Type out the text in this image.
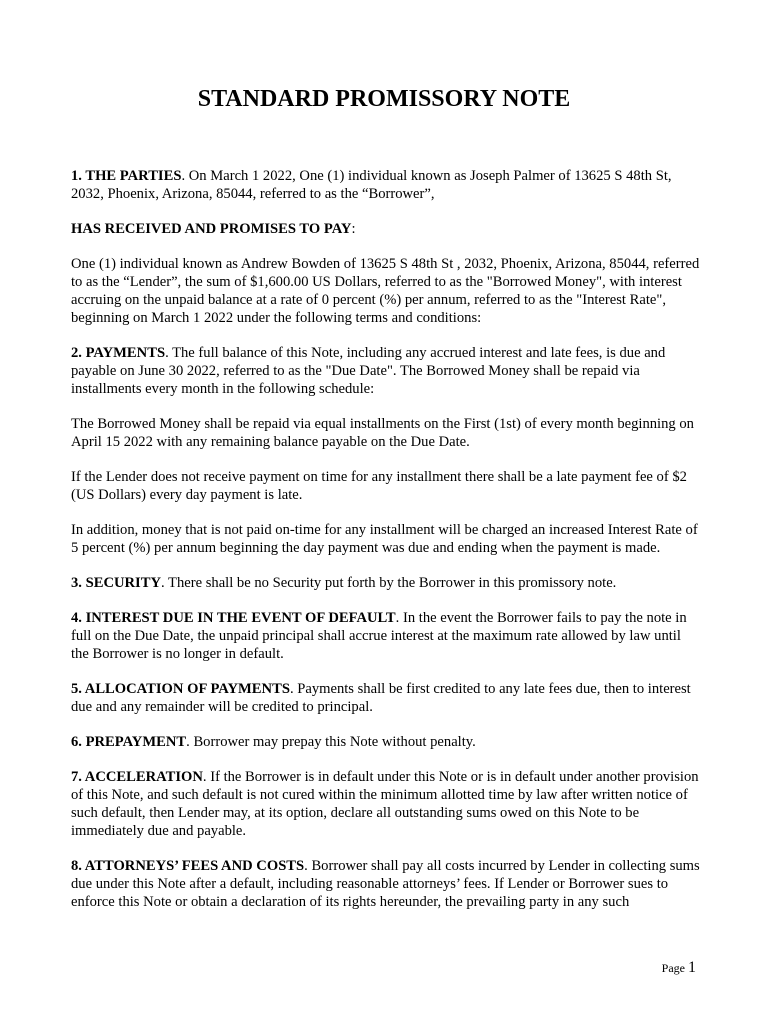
STANDARD PROMISSORY NOTE

1. THE PARTIES. On March 1 2022, One (1) individual known as Joseph Palmer of 13625 S 48th St, 2032, Phoenix, Arizona, 85044, referred to as the “Borrower”,

HAS RECEIVED AND PROMISES TO PAY:

One (1) individual known as Andrew Bowden of 13625 S 48th St , 2032, Phoenix, Arizona, 85044, referred to as the “Lender”, the sum of $1,600.00 US Dollars, referred to as the "Borrowed Money", with interest accruing on the unpaid balance at a rate of 0 percent (%) per annum, referred to as the "Interest Rate", beginning on March 1 2022 under the following terms and conditions:

2. PAYMENTS. The full balance of this Note, including any accrued interest and late fees, is due and payable on June 30 2022, referred to as the "Due Date". The Borrowed Money shall be repaid via installments every month in the following schedule:

The Borrowed Money shall be repaid via equal installments on the First (1st) of every month beginning on April 15 2022 with any remaining balance payable on the Due Date.

If the Lender does not receive payment on time for any installment there shall be a late payment fee of $2 (US Dollars) every day payment is late.

In addition, money that is not paid on-time for any installment will be charged an increased Interest Rate of 5 percent (%) per annum beginning the day payment was due and ending when the payment is made.

3. SECURITY. There shall be no Security put forth by the Borrower in this promissory note.

4. INTEREST DUE IN THE EVENT OF DEFAULT. In the event the Borrower fails to pay the note in full on the Due Date, the unpaid principal shall accrue interest at the maximum rate allowed by law until the Borrower is no longer in default.

5. ALLOCATION OF PAYMENTS. Payments shall be first credited to any late fees due, then to interest due and any remainder will be credited to principal.

6. PREPAYMENT. Borrower may prepay this Note without penalty.

7. ACCELERATION. If the Borrower is in default under this Note or is in default under another provision of this Note, and such default is not cured within the minimum allotted time by law after written notice of such default, then Lender may, at its option, declare all outstanding sums owed on this Note to be immediately due and payable.

8. ATTORNEYS’ FEES AND COSTS. Borrower shall pay all costs incurred by Lender in collecting sums due under this Note after a default, including reasonable attorneys’ fees. If Lender or Borrower sues to enforce this Note or obtain a declaration of its rights hereunder, the prevailing party in any such

Page 1
